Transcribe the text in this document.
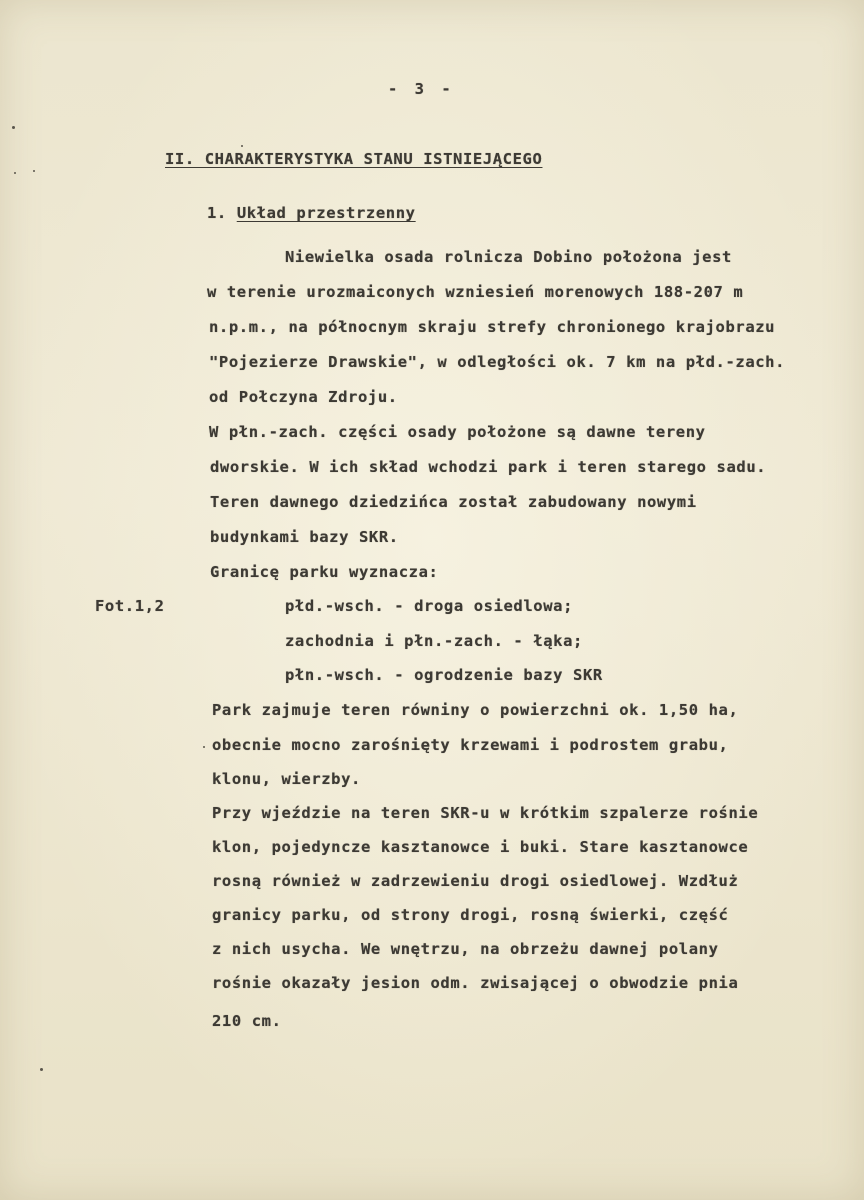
- 3 -
II. CHARAKTERYSTYKA STANU ISTNIEJĄCEGO
1. Układ przestrzenny
Niewielka osada rolnicza Dobino położona jest
w terenie urozmaiconych wzniesień morenowych 188-207 m
n.p.m., na północnym skraju strefy chronionego krajobrazu
"Pojezierze Drawskie", w odległości ok. 7 km na płd.-zach.
od Połczyna Zdroju.
W płn.-zach. części osady położone są dawne tereny
dworskie. W ich skład wchodzi park i teren starego sadu.
Teren dawnego dziedzińca został zabudowany nowymi
budynkami bazy SKR.
Granicę parku wyznacza:
Fot.1,2	płd.-wsch. - droga osiedlowa;
zachodnia i płn.-zach. - łąka;
płn.-wsch. - ogrodzenie bazy SKR
Park zajmuje teren równiny o powierzchni ok. 1,50 ha,
obecnie mocno zarośnięty krzewami i podrostem grabu,
klonu, wierzby.
Przy wjeździe na teren SKR-u w krótkim szpalerze rośnie
klon, pojedyncze kasztanowce i buki. Stare kasztanowce
rosną również w zadrzewieniu drogi osiedlowej. Wzdłuż
granicy parku, od strony drogi, rosną świerki, część
z nich usycha. We wnętrzu, na obrzeżu dawnej polany
rośnie okazały jesion odm. zwisającej o obwodzie pnia
210 cm.
